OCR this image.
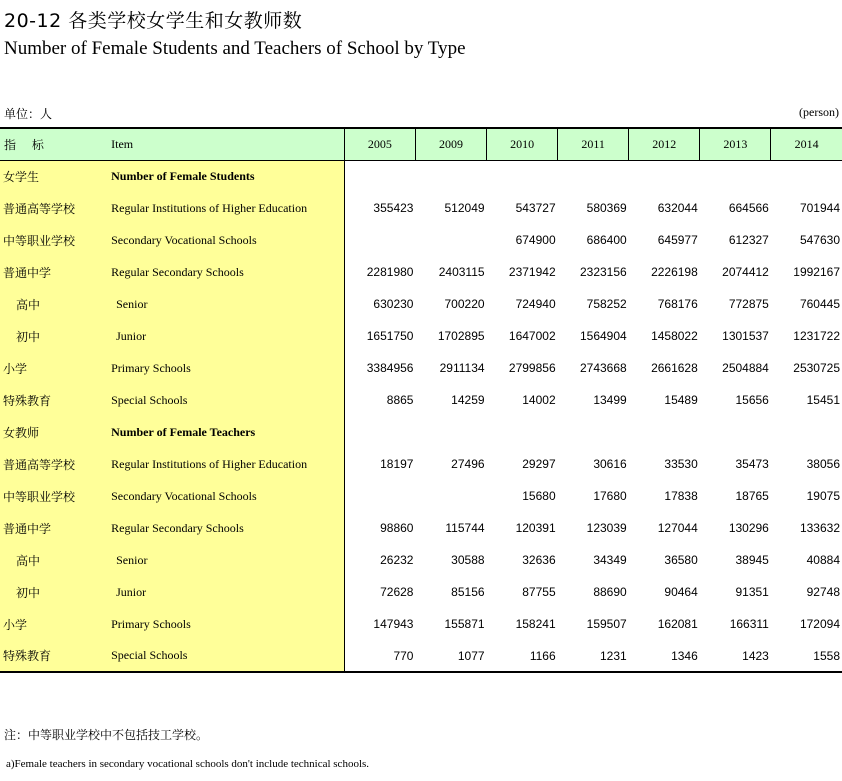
20-12 各类学校女学生和女教师数
Number of Female Students and Teachers of School by Type
单位：人	(person)
指 标	Item	2005	2009	2010	2011	2012	2013	2014
女学生	Number of Female Students							
普通高等学校	Regular Institutions of Higher Education	355423	512049	543727	580369	632044	664566	701944
中等职业学校	Secondary Vocational Schools			674900	686400	645977	612327	547630
普通中学	Regular Secondary Schools	2281980	2403115	2371942	2323156	2226198	2074412	1992167
高中	Senior	630230	700220	724940	758252	768176	772875	760445
初中	Junior	1651750	1702895	1647002	1564904	1458022	1301537	1231722
小学	Primary Schools	3384956	2911134	2799856	2743668	2661628	2504884	2530725
特殊教育	Special Schools	8865	14259	14002	13499	15489	15656	15451
女教师	Number of Female Teachers							
普通高等学校	Regular Institutions of Higher Education	18197	27496	29297	30616	33530	35473	38056
中等职业学校	Secondary Vocational Schools			15680	17680	17838	18765	19075
普通中学	Regular Secondary Schools	98860	115744	120391	123039	127044	130296	133632
高中	Senior	26232	30588	32636	34349	36580	38945	40884
初中	Junior	72628	85156	87755	88690	90464	91351	92748
小学	Primary Schools	147943	155871	158241	159507	162081	166311	172094
特殊教育	Special Schools	770	1077	1166	1231	1346	1423	1558
注：中等职业学校中不包括技工学校。
a)Female teachers in secondary vocational schools don't include technical schools.
